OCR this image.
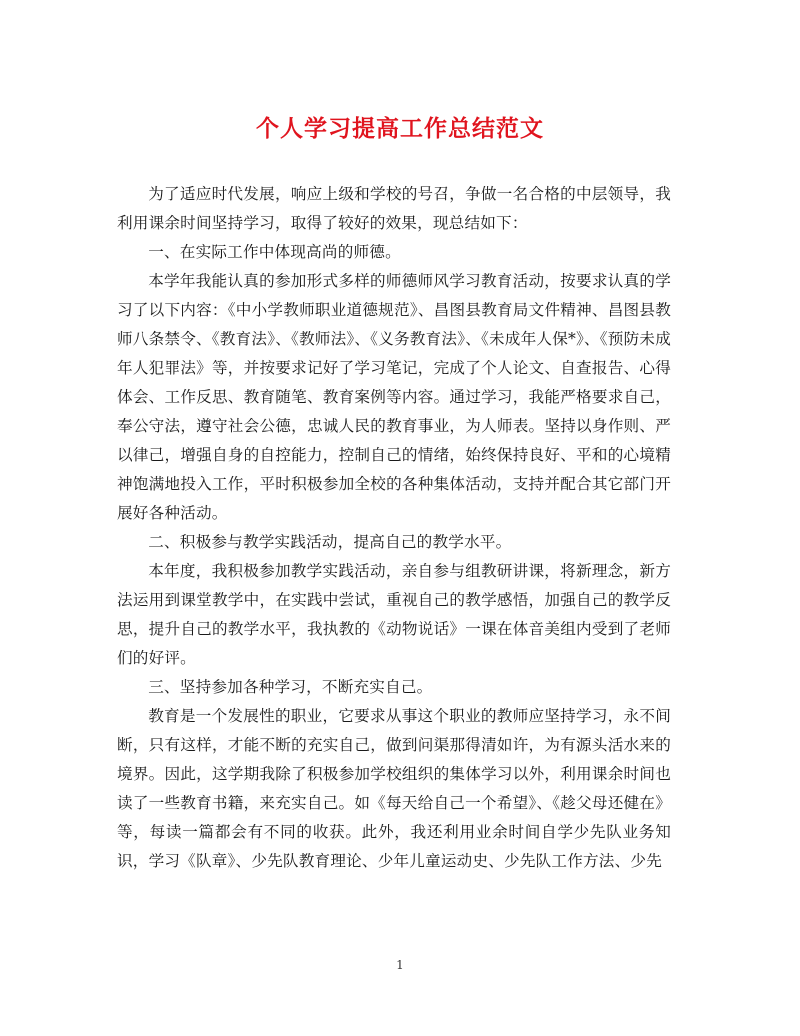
个人学习提高工作总结范文

为了适应时代发展，响应上级和学校的号召，争做一名合格的中层领导，我利用课余时间坚持学习，取得了较好的效果，现总结如下：

一、在实际工作中体现高尚的师德。

本学年我能认真的参加形式多样的师德师风学习教育活动，按要求认真的学习了以下内容：《中小学教师职业道德规范》、昌图县教育局文件精神、昌图县教师八条禁令、《教育法》、《教师法》、《义务教育法》、《未成年人保*》、《预防未成年人犯罪法》等，并按要求记好了学习笔记，完成了个人论文、自查报告、心得体会、工作反思、教育随笔、教育案例等内容。通过学习，我能严格要求自己，奉公守法，遵守社会公德，忠诚人民的教育事业，为人师表。坚持以身作则、严以律己，增强自身的自控能力，控制自己的情绪，始终保持良好、平和的心境精神饱满地投入工作，平时积极参加全校的各种集体活动，支持并配合其它部门开展好各种活动。

二、积极参与教学实践活动，提高自己的教学水平。

本年度，我积极参加教学实践活动，亲自参与组教研讲课，将新理念，新方法运用到课堂教学中，在实践中尝试，重视自己的教学感悟，加强自己的教学反思，提升自己的教学水平，我执教的《动物说话》一课在体音美组内受到了老师们的好评。

三、坚持参加各种学习，不断充实自己。

教育是一个发展性的职业，它要求从事这个职业的教师应坚持学习，永不间断，只有这样，才能不断的充实自己，做到问渠那得清如许，为有源头活水来的境界。因此，这学期我除了积极参加学校组织的集体学习以外，利用课余时间也读了一些教育书籍，来充实自己。如《每天给自己一个希望》、《趁父母还健在》等，每读一篇都会有不同的收获。此外，我还利用业余时间自学少先队业务知识，学习《队章》、少先队教育理论、少年儿童运动史、少先队工作方法、少先

1
